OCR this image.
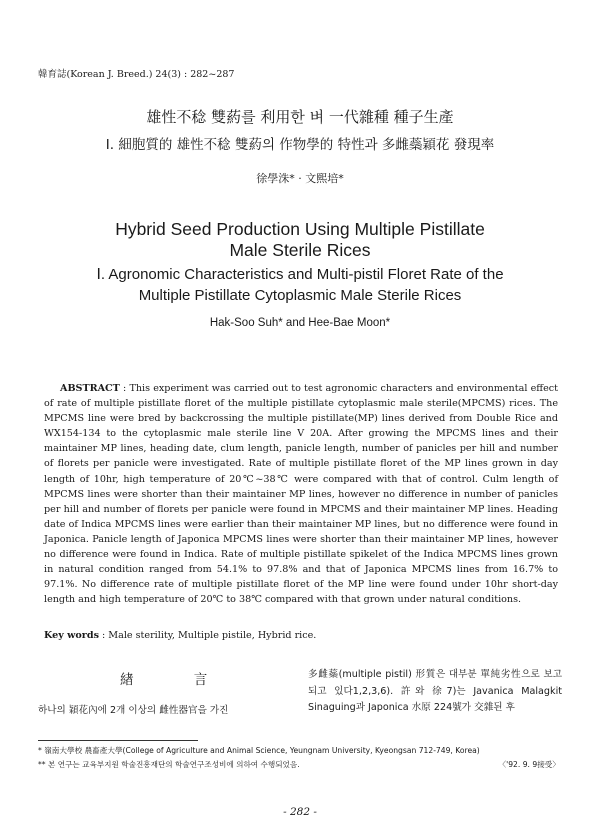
韓育誌(Korean J. Breed.) 24(3) : 282~287
雄性不稔 雙葯를 利用한 벼 一代雜種 種子生產
Ⅰ. 細胞質的 雄性不稔 雙葯의 作物學的 特性과 多雌蘂穎花 發現率
徐學洙* · 文熙培*
Hybrid Seed Production Using Multiple Pistillate
Male Sterile Rices
Ⅰ. Agronomic Characteristics and Multi-pistil Floret Rate of the
Multiple Pistillate Cytoplasmic Male Sterile Rices
Hak-Soo Suh* and Hee-Bae Moon*

ABSTRACT : This experiment was carried out to test agronomic characters and environmental effect of rate of multiple pistillate floret of the multiple pistillate cytoplasmic male sterile(MPCMS) rices. The MPCMS line were bred by backcrossing the multiple pistillate(MP) lines derived from Double Rice and WX154-134 to the cytoplasmic male sterile line V 20A. After growing the MPCMS lines and their maintainer MP lines, heading date, clum length, panicle length, number of panicles per hill and number of florets per panicle were investigated. Rate of multiple pistillate floret of the MP lines grown in day length of 10hr, high temperature of 20℃~38℃ were compared with that of control. Culm length of MPCMS lines were shorter than their maintainer MP lines, however no difference in number of panicles per hill and number of florets per panicle were found in MPCMS and their maintainer MP lines. Heading date of Indica MPCMS lines were earlier than their maintainer MP lines, but no difference were found in Japonica. Panicle length of Japonica MPCMS lines were shorter than their maintainer MP lines, however no difference were found in Indica. Rate of multiple pistillate spikelet of the Indica MPCMS lines grown in natural condition ranged from 54.1% to 97.8% and that of Japonica MPCMS lines from 16.7% to 97.1%. No difference rate of multiple pistillate floret of the MP line were found under 10hr short-day length and high temperature of 20℃ to 38℃ compared with that grown under natural conditions.

Key words : Male sterility, Multiple pistile, Hybrid rice.
緖 言
하나의 穎花內에 2개 이상의 雌性器官을 가진

多雌蘂(multiple pistil) 形質은 대부분 單純劣性으로 보고되고 있다1,2,3,6). 許와 徐7)는 Javanica Malagkit Sinaguing과 Japonica 水原 224號가 交雜된 후

* 嶺南大學校 農畜產大學(College of Agriculture and Animal Science, Yeungnam University, Kyeongsan 712-749, Korea)
** 본 연구는 교육부지원 학술진흥재단의 학술연구조성비에 의하여 수행되었음.	〈'92. 9. 9接受〉
- 282 -
